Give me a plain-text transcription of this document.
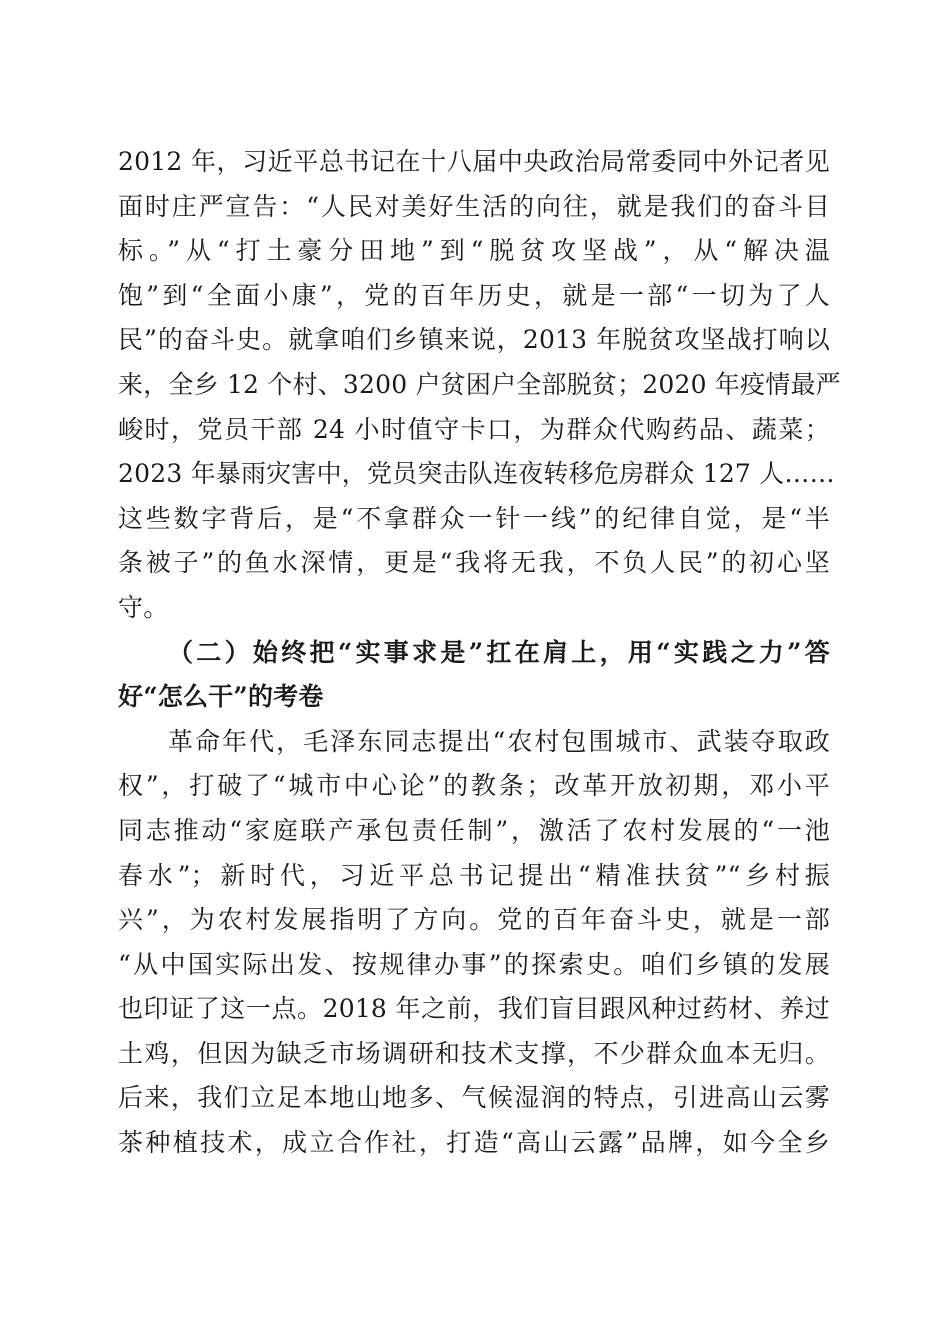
2012 年，习近平总书记在十八届中央政治局常委同中外记者见
面时庄严宣告：“人民对美好生活的向往，就是我们的奋斗目
标。”从“打土豪分田地”到“脱贫攻坚战”，从“解决温
饱”到“全面小康”，党的百年历史，就是一部“一切为了人
民”的奋斗史。就拿咱们乡镇来说，2013 年脱贫攻坚战打响以
来，全乡 12 个村、3200 户贫困户全部脱贫；2020 年疫情最严
峻时，党员干部 24 小时值守卡口，为群众代购药品、蔬菜；
2023 年暴雨灾害中，党员突击队连夜转移危房群众 127 人……
这些数字背后，是“不拿群众一针一线”的纪律自觉，是“半
条被子”的鱼水深情，更是“我将无我，不负人民”的初心坚
守。
（二）始终把“实事求是”扛在肩上，用“实践之力”答
好“怎么干”的考卷
革命年代，毛泽东同志提出“农村包围城市、武装夺取政
权”，打破了“城市中心论”的教条；改革开放初期，邓小平
同志推动“家庭联产承包责任制”，激活了农村发展的“一池
春水”；新时代，习近平总书记提出“精准扶贫”“乡村振
兴”，为农村发展指明了方向。党的百年奋斗史，就是一部
“从中国实际出发、按规律办事”的探索史。咱们乡镇的发展
也印证了这一点。2018 年之前，我们盲目跟风种过药材、养过
土鸡，但因为缺乏市场调研和技术支撑，不少群众血本无归。
后来，我们立足本地山地多、气候湿润的特点，引进高山云雾
茶种植技术，成立合作社，打造“高山云露”品牌，如今全乡
